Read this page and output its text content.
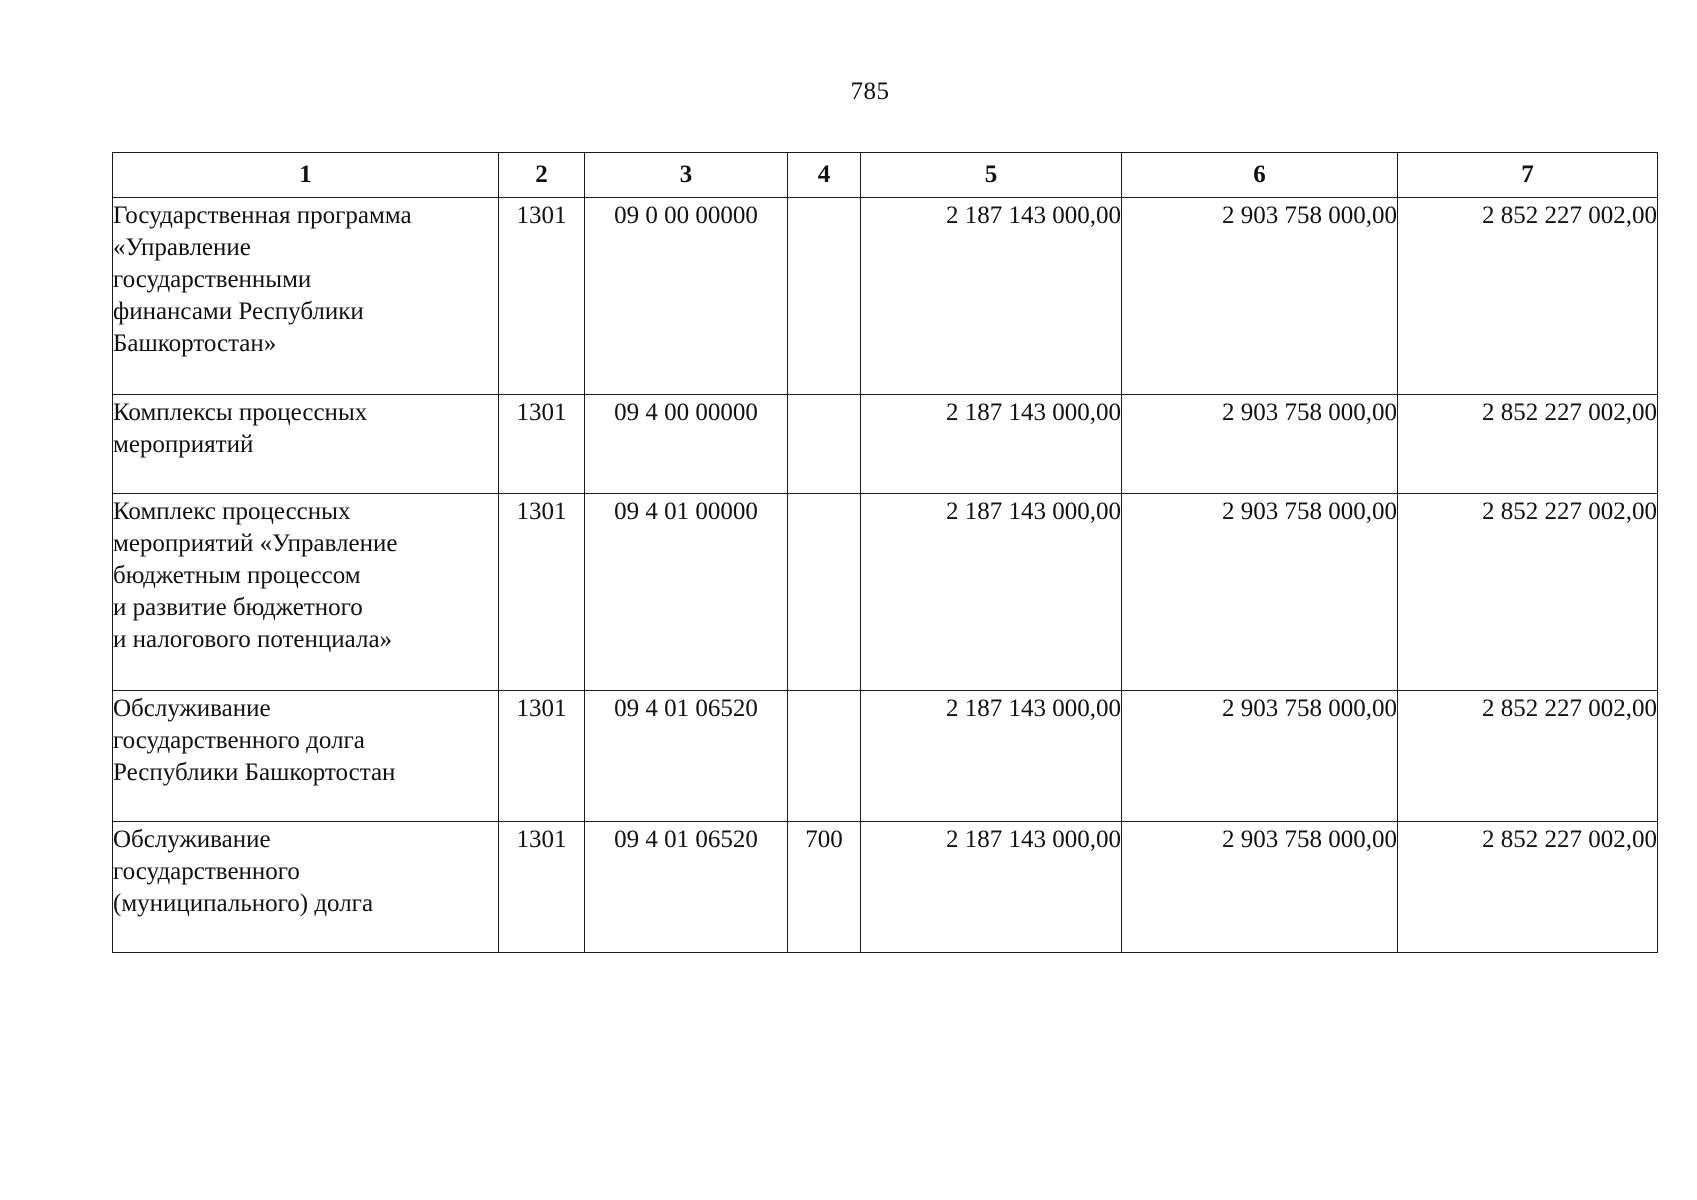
785
1	2	3	4	5	6	7

Государственная программа
«Управление
государственными
финансами Республики
Башкортостан»	1301	09 0 00 00000		2 187 143 000,00	2 903 758 000,00	2 852 227 002,00

Комплексы процессных
мероприятий	1301	09 4 00 00000		2 187 143 000,00	2 903 758 000,00	2 852 227 002,00

Комплекс процессных
мероприятий «Управление
бюджетным процессом
и развитие бюджетного
и налогового потенциала»	1301	09 4 01 00000		2 187 143 000,00	2 903 758 000,00	2 852 227 002,00

Обслуживание
государственного долга
Республики Башкортостан	1301	09 4 01 06520		2 187 143 000,00	2 903 758 000,00	2 852 227 002,00

Обслуживание
государственного
(муниципального) долга	1301	09 4 01 06520	700	2 187 143 000,00	2 903 758 000,00	2 852 227 002,00
